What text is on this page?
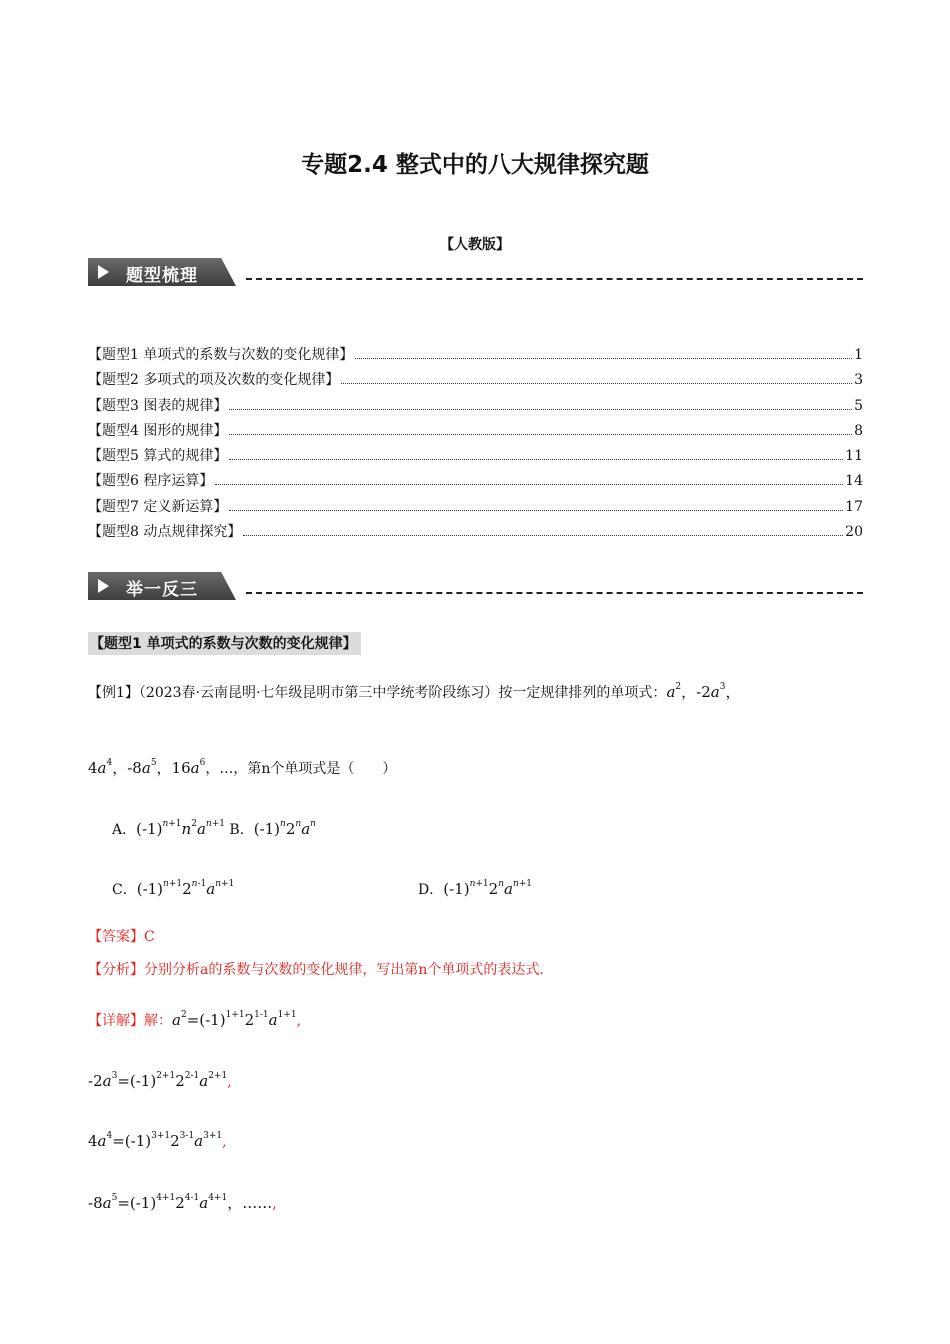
专题2.4 整式中的八大规律探究题
【人教版】
题型梳理
【题型1 单项式的系数与次数的变化规律】	1
【题型2 多项式的项及次数的变化规律】	3
【题型3 图表的规律】	5
【题型4 图形的规律】	8
【题型5 算式的规律】	11
【题型6 程序运算】	14
【题型7 定义新运算】	17
【题型8 动点规律探究】	20
举一反三
【题型1 单项式的系数与次数的变化规律】
【例1】（2023春·云南昆明·七年级昆明市第三中学统考阶段练习）按一定规律排列的单项式：$a^2$，$-2a^3$，
$4a^4$，$-8a^5$，$16a^6$，…，第n个单项式是（　　）
A．$(-1)^{n+1}n^2a^{n+1}$ B．$(-1)^n2^na^n$
C．$(-1)^{n+1}2^{n-1}a^{n+1}$	D．$(-1)^{n+1}2^na^{n+1}$
【答案】C
【分析】分别分析a的系数与次数的变化规律，写出第n个单项式的表达式．
【详解】解：$a^2=(-1)^{1+1}2^{1-1}a^{1+1}$,
$-2a^3=(-1)^{2+1}2^{2-1}a^{2+1}$,
$4a^4=(-1)^{3+1}2^{3-1}a^{3+1}$,
$-8a^5=(-1)^{4+1}2^{4-1}a^{4+1}$，……,
